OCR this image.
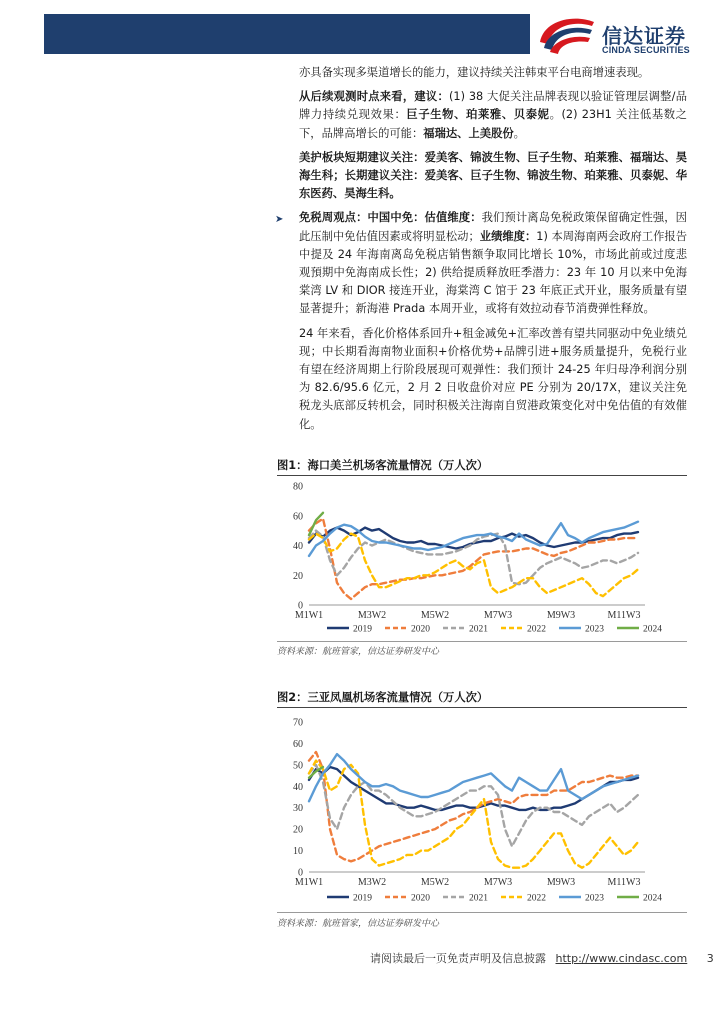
信达证券
CINDA SECURITIES

亦具备实现多渠道增长的能力，建议持续关注韩束平台电商增速表现。

从后续观测时点来看，建议：(1) 38 大促关注品牌表现以验证管理层调整/品牌力持续兑现效果：巨子生物、珀莱雅、贝泰妮。(2) 23H1 关注低基数之下，品牌高增长的可能：福瑞达、上美股份。

美护板块短期建议关注：爱美客、锦波生物、巨子生物、珀莱雅、福瑞达、昊海生科；长期建议关注：爱美客、巨子生物、锦波生物、珀莱雅、贝泰妮、华东医药、昊海生科。

➤ 免税周观点：中国中免：估值维度：我们预计离岛免税政策保留确定性强，因此压制中免估值因素或将明显松动；业绩维度：1) 本周海南两会政府工作报告中提及 24 年海南离岛免税店销售额争取同比增长 10%，市场此前或过度悲观預期中免海南成长性；2) 供给提质释放旺季潜力：23 年 10 月以来中免海棠湾 LV 和 DIOR 接连开业，海棠湾 C 馆于 23 年底正式开业，服务质量有望显著提升；新海港 Prada 本周开业，或将有效拉动春节消费弹性释放。

24 年来看，香化价格体系回升+租金减免+汇率改善有望共同驱动中免业绩兑现；中长期看海南物业面积+价格优势+品牌引进+服务质量提升，免税行业有望在经济周期上行阶段展现可观弹性：我们预计 24-25 年归母净利润分别为 82.6/95.6 亿元，2 月 2 日收盘价对应 PE 分别为 20/17X，建议关注免税龙头底部反转机会，同时积极关注海南自贸港政策变化对中免估值的有效催化。

图1：海口美兰机场客流量情况（万人次）
0
20
40
60
80
M1W1	M3W2	M5W2	M7W3	M9W3	M11W3
2019	2020	2021	2022	2023	2024
资料来源：航班管家，信达证券研发中心
图2：三亚凤凰机场客流量情况（万人次）
0
10
20
30
40
50
60
70
M1W1	M3W2	M5W2	M7W3	M9W3	M11W3
2019	2020	2021	2022	2023	2024
资料来源：航班管家，信达证券研发中心
请阅读最后一页免责声明及信息披露 http://www.cindasc.com 3
